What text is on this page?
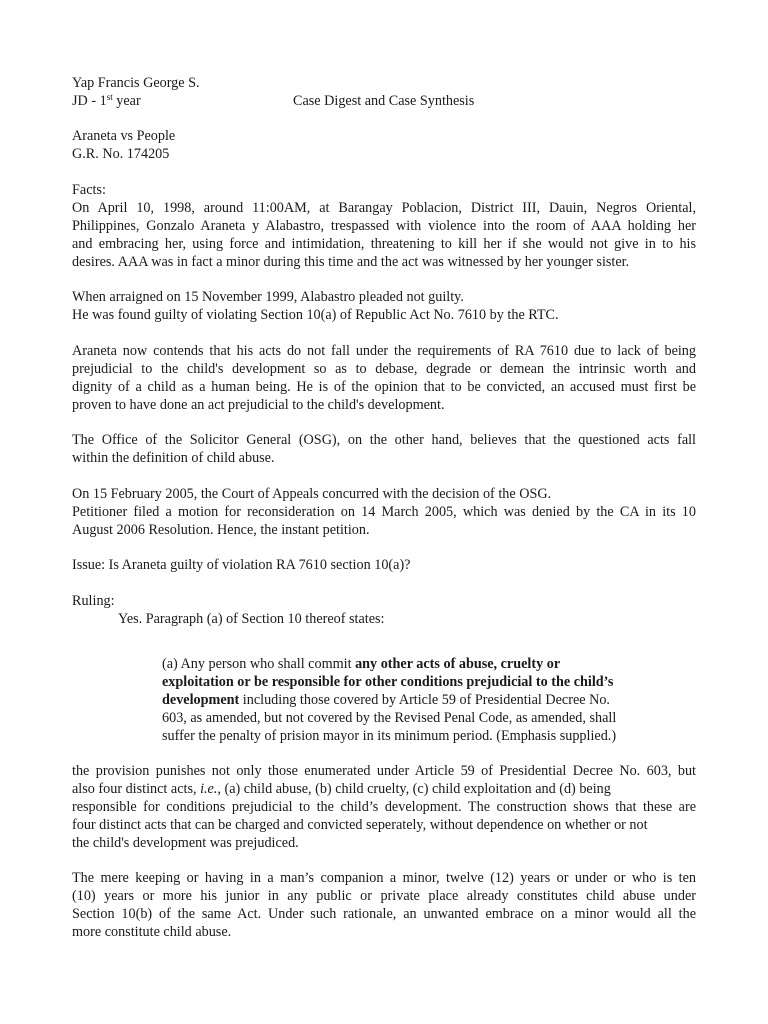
Yap Francis George S.
JD - 1st year	Case Digest and Case Synthesis
Araneta vs People
G.R. No. 174205
Facts:
On April 10, 1998, around 11:00AM, at Barangay Poblacion, District III, Dauin, Negros Oriental,
Philippines, Gonzalo Araneta y Alabastro, trespassed with violence into the room of AAA holding her
and embracing her, using force and intimidation, threatening to kill her if she would not give in to his
desires. AAA was in fact a minor during this time and the act was witnessed by her younger sister.
When arraigned on 15 November 1999, Alabastro pleaded not guilty.
He was found guilty of violating Section 10(a) of Republic Act No. 7610 by the RTC.
Araneta now contends that his acts do not fall under the requirements of RA 7610 due to lack of being
prejudicial to the child's development so as to debase, degrade or demean the intrinsic worth and
dignity of a child as a human being. He is of the opinion that to be convicted, an accused must first be
proven to have done an act prejudicial to the child's development.
The Office of the Solicitor General (OSG), on the other hand, believes that the questioned acts fall
within the definition of child abuse.
On 15 February 2005, the Court of Appeals concurred with the decision of the OSG.
Petitioner filed a motion for reconsideration on 14 March 2005, which was denied by the CA in its 10
August 2006 Resolution. Hence, the instant petition.
Issue: Is Araneta guilty of violation RA 7610 section 10(a)?
Ruling:
Yes. Paragraph (a) of Section 10 thereof states:
(a) Any person who shall commit any other acts of abuse, cruelty or
exploitation or be responsible for other conditions prejudicial to the child’s
development including those covered by Article 59 of Presidential Decree No.
603, as amended, but not covered by the Revised Penal Code, as amended, shall
suffer the penalty of prision mayor in its minimum period. (Emphasis supplied.)
the provision punishes not only those enumerated under Article 59 of Presidential Decree No. 603, but
also four distinct acts, i.e., (a) child abuse, (b) child cruelty, (c) child exploitation and (d) being
responsible for conditions prejudicial to the child’s development. The construction shows that these are
four distinct acts that can be charged and convicted seperately, without dependence on whether or not
the child's development was prejudiced.
The mere keeping or having in a man’s companion a minor, twelve (12) years or under or who is ten
(10) years or more his junior in any public or private place already constitutes child abuse under
Section 10(b) of the same Act. Under such rationale, an unwanted embrace on a minor would all the
more constitute child abuse.
